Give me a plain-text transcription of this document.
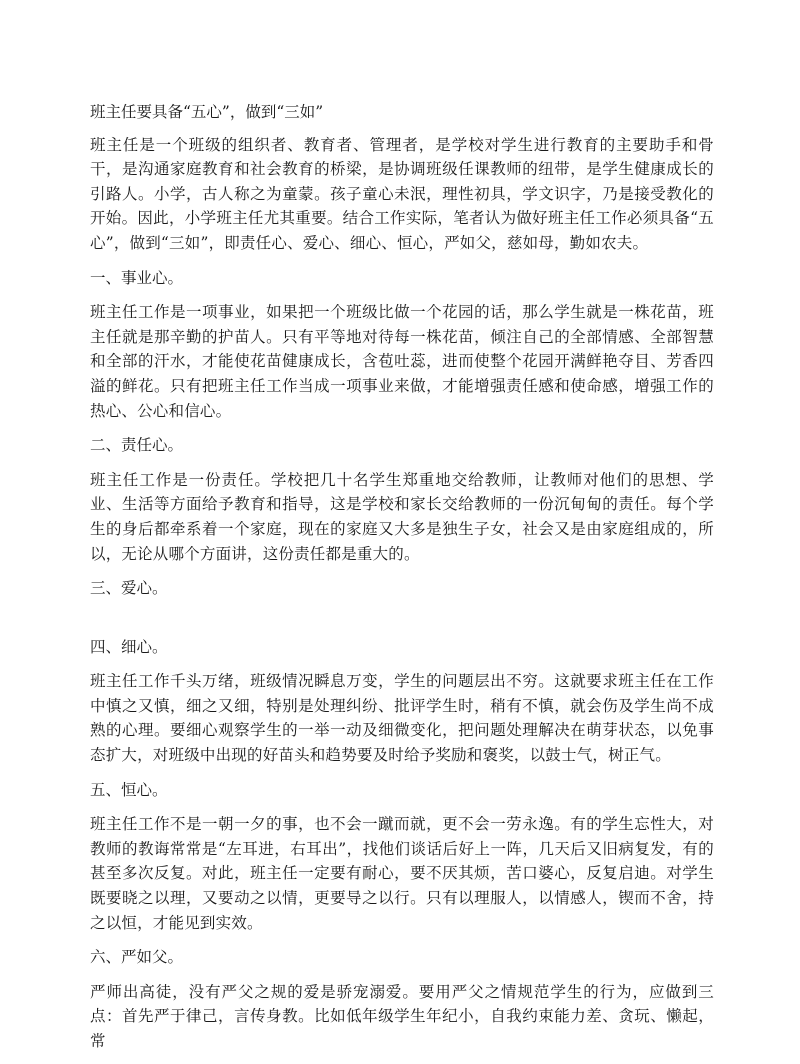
班主任要具备“五心”，做到“三如”

班主任是一个班级的组织者、教育者、管理者，是学校对学生进行教育的主要助手和骨干，是沟通家庭教育和社会教育的桥梁，是协调班级任课教师的纽带，是学生健康成长的引路人。小学，古人称之为童蒙。孩子童心未泯，理性初具，学文识字，乃是接受教化的开始。因此，小学班主任尤其重要。结合工作实际，笔者认为做好班主任工作必须具备“五心”，做到“三如”，即责任心、爱心、细心、恒心，严如父，慈如母，勤如农夫。

一、事业心。

班主任工作是一项事业，如果把一个班级比做一个花园的话，那么学生就是一株花苗，班主任就是那辛勤的护苗人。只有平等地对待每一株花苗，倾注自己的全部情感、全部智慧和全部的汗水，才能使花苗健康成长，含苞吐蕊，进而使整个花园开满鲜艳夺目、芳香四溢的鲜花。只有把班主任工作当成一项事业来做，才能增强责任感和使命感，增强工作的热心、公心和信心。

二、责任心。

班主任工作是一份责任。学校把几十名学生郑重地交给教师，让教师对他们的思想、学业、生活等方面给予教育和指导，这是学校和家长交给教师的一份沉甸甸的责任。每个学生的身后都牵系着一个家庭，现在的家庭又大多是独生子女，社会又是由家庭组成的，所以，无论从哪个方面讲，这份责任都是重大的。

三、爱心。

四、细心。

班主任工作千头万绪，班级情况瞬息万变，学生的问题层出不穷。这就要求班主任在工作中慎之又慎，细之又细，特别是处理纠纷、批评学生时，稍有不慎，就会伤及学生尚不成熟的心理。要细心观察学生的一举一动及细微变化，把问题处理解决在萌芽状态，以免事态扩大，对班级中出现的好苗头和趋势要及时给予奖励和褒奖，以鼓士气，树正气。

五、恒心。

班主任工作不是一朝一夕的事，也不会一蹴而就，更不会一劳永逸。有的学生忘性大，对教师的教诲常常是“左耳进，右耳出”，找他们谈话后好上一阵，几天后又旧病复发，有的甚至多次反复。对此，班主任一定要有耐心，要不厌其烦，苦口婆心，反复启迪。对学生既要晓之以理，又要动之以情，更要导之以行。只有以理服人，以情感人，锲而不舍，持之以恒，才能见到实效。

六、严如父。

严师出高徒，没有严父之规的爱是骄宠溺爱。要用严父之情规范学生的行为，应做到三点：首先严于律己，言传身教。比如低年级学生年纪小，自我约束能力差、贪玩、懒起，常
